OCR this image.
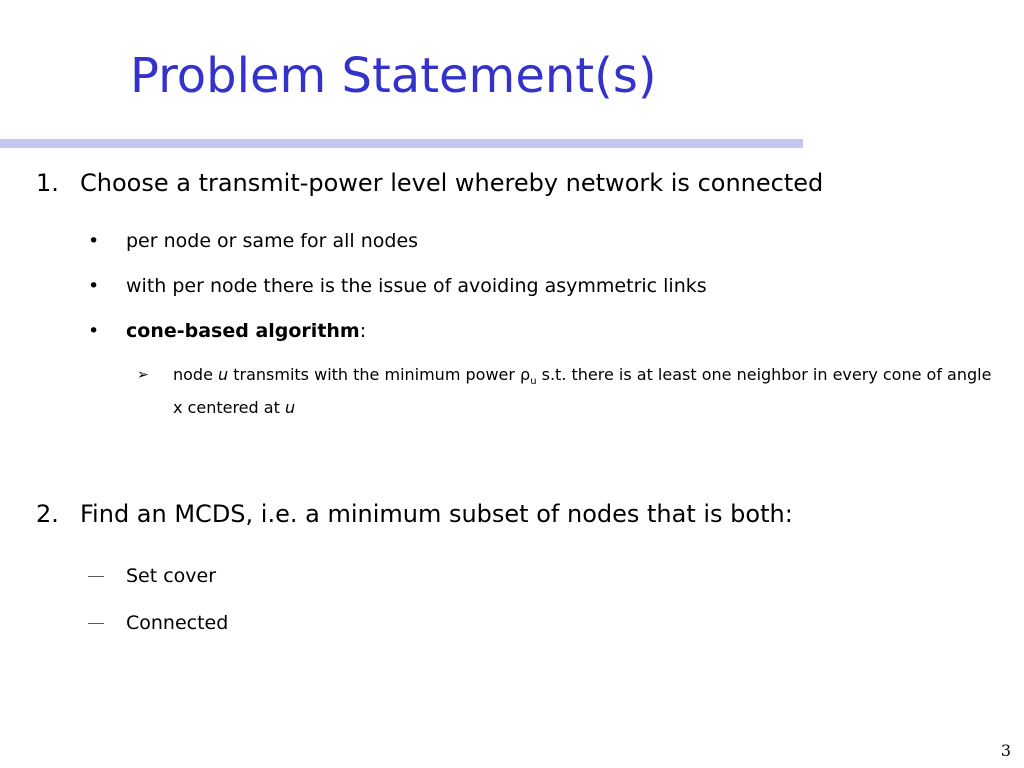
Problem Statement(s)
1. Choose a transmit-power level whereby network is connected
•	per node or same for all nodes
•	with per node there is the issue of avoiding asymmetric links
•	cone-based algorithm:
➢ node u transmits with the minimum power $\rho_u$ s.t. there is at least one neighbor in every cone of angle x centered at u
2. Find an MCDS, i.e. a minimum subset of nodes that is both:
Set cover
Connected
3
